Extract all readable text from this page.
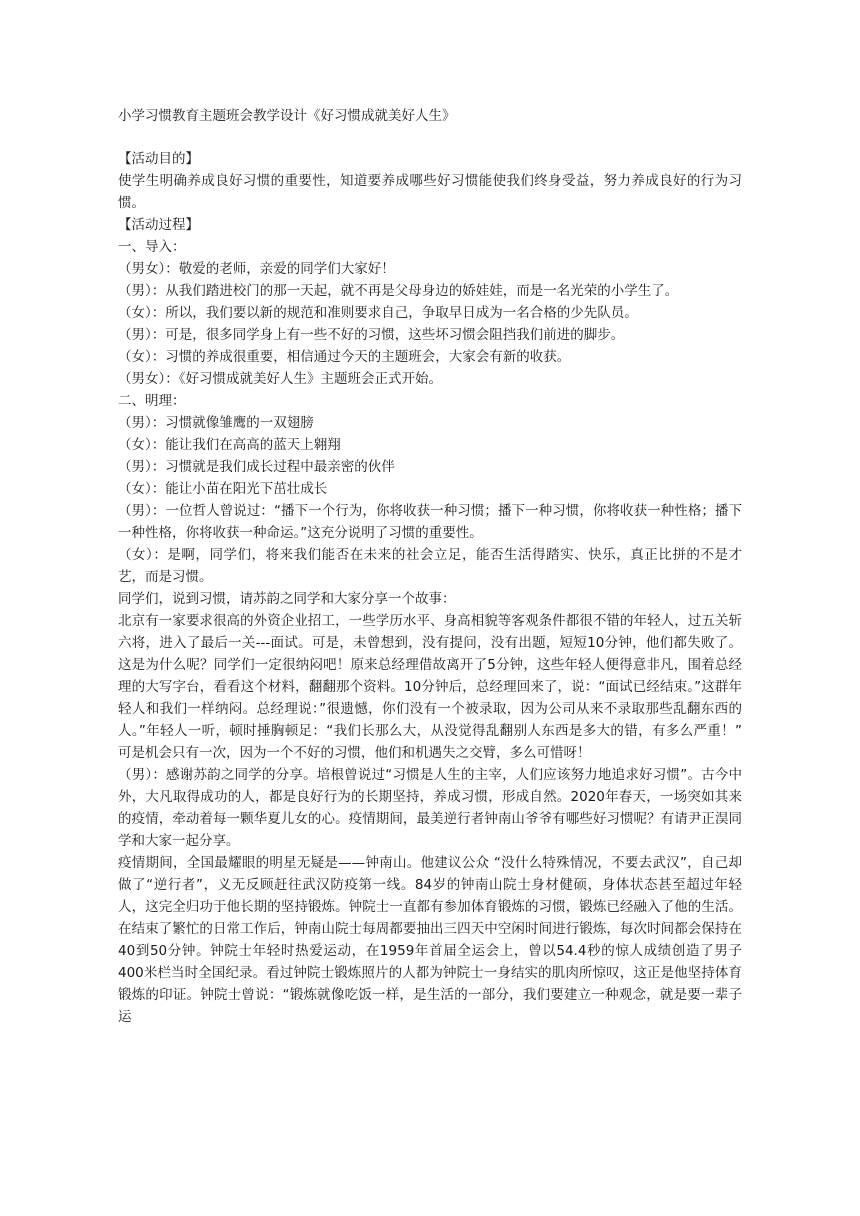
小学习惯教育主题班会教学设计《好习惯成就美好人生》

【活动目的】

使学生明确养成良好习惯的重要性，知道要养成哪些好习惯能使我们终身受益，努力养成良好的行为习惯。

【活动过程】

一、导入：

（男女）：敬爱的老师，亲爱的同学们大家好！

（男）：从我们踏进校门的那一天起，就不再是父母身边的娇娃娃，而是一名光荣的小学生了。

（女）：所以，我们要以新的规范和准则要求自己，争取早日成为一名合格的少先队员。

（男）：可是，很多同学身上有一些不好的习惯，这些坏习惯会阻挡我们前进的脚步。

（女）：习惯的养成很重要，相信通过今天的主题班会，大家会有新的收获。

（男女）：《好习惯成就美好人生》主题班会正式开始。

二、明理：

（男）：习惯就像雏鹰的一双翅膀

（女）：能让我们在高高的蓝天上翱翔

（男）：习惯就是我们成长过程中最亲密的伙伴

（女）：能让小苗在阳光下茁壮成长

（男）：一位哲人曾说过：“播下一个行为，你将收获一种习惯；播下一种习惯，你将收获一种性格；播下一种性格，你将收获一种命运。”这充分说明了习惯的重要性。

（女）：是啊，同学们，将来我们能否在未来的社会立足，能否生活得踏实、快乐，真正比拼的不是才艺，而是习惯。

同学们，说到习惯，请苏韵之同学和大家分享一个故事：

北京有一家要求很高的外资企业招工，一些学历水平、身高相貌等客观条件都很不错的年轻人，过五关斩六将，进入了最后一关---面试。可是，未曾想到，没有提问，没有出题，短短10分钟，他们都失败了。这是为什么呢？同学们一定很纳闷吧！原来总经理借故离开了5分钟，这些年轻人便得意非凡，围着总经理的大写字台，看看这个材料，翻翻那个资料。10分钟后，总经理回来了，说：“面试已经结束。”这群年轻人和我们一样纳闷。总经理说：”很遗憾，你们没有一个被录取，因为公司从来不录取那些乱翻东西的人。”年轻人一听，顿时捶胸顿足：“我们长那么大，从没觉得乱翻别人东西是多大的错，有多么严重！” 可是机会只有一次，因为一个不好的习惯，他们和机遇失之交臂，多么可惜呀！

（男）：感谢苏韵之同学的分享。培根曾说过“习惯是人生的主宰，人们应该努力地追求好习惯”。古今中外，大凡取得成功的人，都是良好行为的长期坚持，养成习惯，形成自然。2020年春天，一场突如其来的疫情，牵动着每一颗华夏儿女的心。疫情期间，最美逆行者钟南山爷爷有哪些好习惯呢？有请尹正淏同学和大家一起分享。

疫情期间，全国最耀眼的明星无疑是——钟南山。他建议公众 “没什么特殊情况，不要去武汉”，自己却做了“逆行者”，义无反顾赶往武汉防疫第一线。84岁的钟南山院士身材健硕，身体状态甚至超过年轻人，这完全归功于他长期的坚持锻炼。钟院士一直都有参加体育锻炼的习惯，锻炼已经融入了他的生活。在结束了繁忙的日常工作后，钟南山院士每周都要抽出三四天中空闲时间进行锻炼，每次时间都会保持在40到50分钟。钟院士年轻时热爱运动，在1959年首届全运会上，曾以54.4秒的惊人成绩创造了男子400米栏当时全国纪录。看过钟院士锻炼照片的人都为钟院士一身结实的肌肉所惊叹，这正是他坚持体育锻炼的印证。钟院士曾说：“锻炼就像吃饭一样，是生活的一部分，我们要建立一种观念，就是要一辈子运
